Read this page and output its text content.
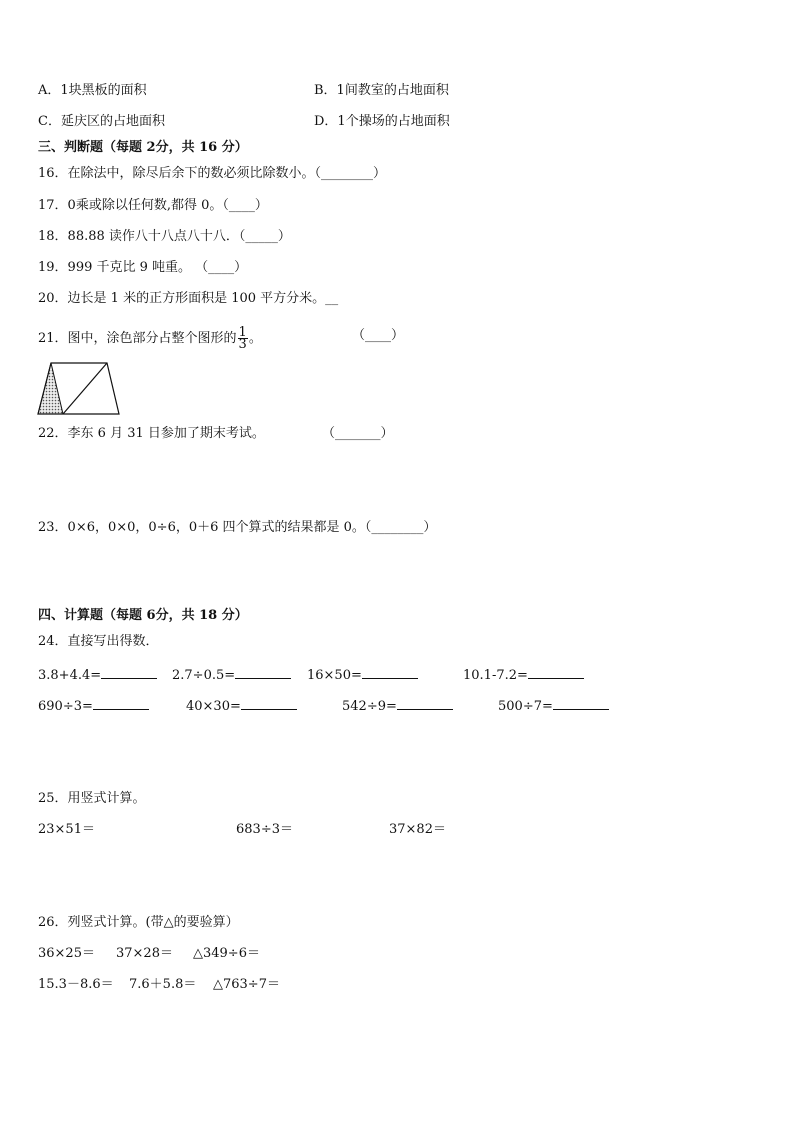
A．1块黑板的面积	B．1间教室的占地面积
C．延庆区的占地面积	D．1个操场的占地面积
三、判断题（每题 2分，共 16 分）
16．在除法中，除尽后余下的数必须比除数小。（________）
17．0乘或除以任何数,都得 0。（____）
18．88.88 读作八十八点八十八．（_____）
19．999 千克比 9 吨重。 （____）
20．边长是 1 米的正方形面积是 100 平方分米。__
21．图中，涂色部分占整个图形的 $\frac{1}{3}$ 。	（____）
22．李东 6 月 31 日参加了期末考试。	（_______）
23．0×6，0×0，0÷6，0＋6 四个算式的结果都是 0。（________）
四、计算题（每题 6分，共 18 分）
24．直接写出得数．
3.8+4.4=	2.7÷0.5=	16×50=	10.1-7.2=
690÷3=	40×30=	542÷9=	500÷7=
25．用竖式计算。
23×51＝	683÷3＝	37×82＝
26．列竖式计算。(带△的要验算）
36×25＝ 37×28＝ △349÷6＝
15.3－8.6＝ 7.6＋5.8＝ △763÷7＝
